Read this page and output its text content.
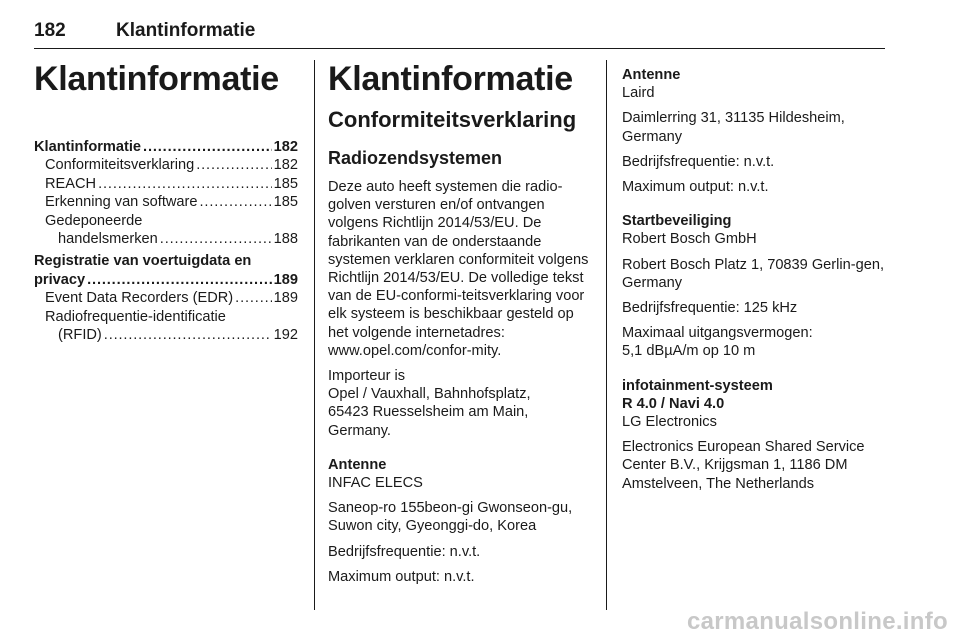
182	Klantinformatie
Klantinformatie
Klantinformatie . . .	182
Conformiteitsverklaring . . .	182
REACH . . .	185
Erkenning van software . . .	185
Gedeponeerde
handelsmerken . . .	188
Registratie van voertuigdata en
privacy . . .	189
Event Data Recorders (EDR) . . .	189
Radiofrequentie-identificatie
(RFID) . . .	192
Klantinformatie
Conformiteitsverklaring
Radiozendsystemen

Deze auto heeft systemen die radio-golven versturen en/of ontvangen volgens Richtlijn 2014/53/EU. De fabrikanten van de onderstaande systemen verklaren conformiteit volgens Richtlijn 2014/53/EU. De volledige tekst van de EU-conformi-teitsverklaring voor elk systeem is beschikbaar gesteld op het volgende internetadres: www.opel.com/confor-mity.

Importeur is
Opel / Vauxhall, Bahnhofsplatz,
65423 Ruesselsheim am Main,
Germany.

Antenne
INFAC ELECS

Saneop-ro 155beon-gi Gwonseon-gu, Suwon city, Gyeonggi-do, Korea

Bedrijfsfrequentie: n.v.t.

Maximum output: n.v.t.

Antenne
Laird

Daimlerring 31, 31135 Hildesheim, Germany

Bedrijfsfrequentie: n.v.t.

Maximum output: n.v.t.

Startbeveiliging
Robert Bosch GmbH

Robert Bosch Platz 1, 70839 Gerlin-gen, Germany

Bedrijfsfrequentie: 125 kHz

Maximaal uitgangsvermogen:
5,1 dBµA/m op 10 m

infotainment-systeem
R 4.0 / Navi 4.0
LG Electronics

Electronics European Shared Service Center B.V., Krijgsman 1, 1186 DM Amstelveen, The Netherlands

carmanualsonline.info
